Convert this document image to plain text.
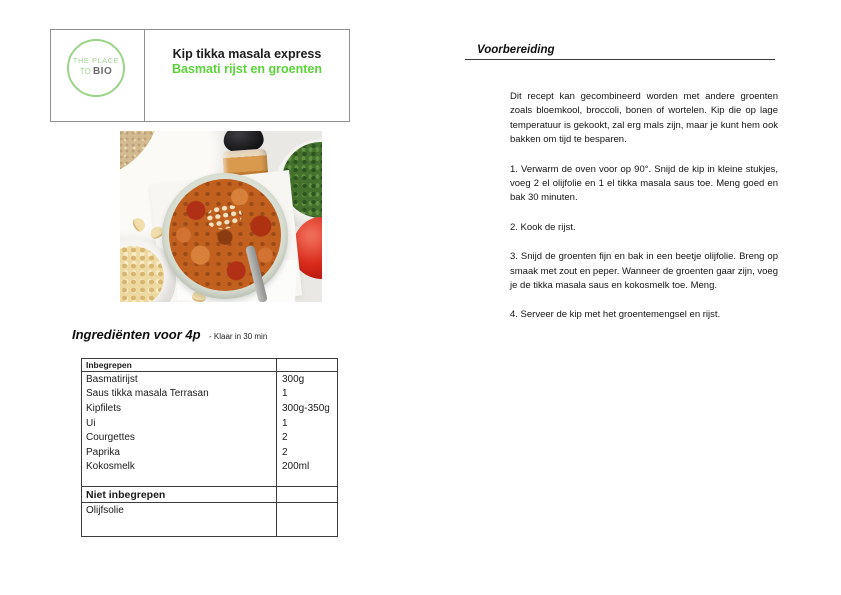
THE PLACE
TO BIO
Kip tikka masala express
Basmati rijst en groenten
Ingrediënten voor 4p - Klaar in 30 min
Inbegrepen
Basmatirijst	300g
Saus tikka masala Terrasan	1
Kipfilets	300g-350g
Ui	1
Courgettes	2
Paprika	2
Kokosmelk	200ml
Niet inbegrepen
Olijfsolie
Voorbereiding

Dit recept kan gecombineerd worden met andere groenten zoals bloemkool, broccoli, bonen of wortelen. Kip die op lage temperatuur is gekookt, zal erg mals zijn, maar je kunt hem ook bakken om tijd te besparen.

1. Verwarm de oven voor op 90°. Snijd de kip in kleine stukjes, voeg 2 el olijfolie en 1 el tikka masala saus toe. Meng goed en bak 30 minuten.

2. Kook de rijst.

3. Snijd de groenten fijn en bak in een beetje olijfolie. Breng op smaak met zout en peper. Wanneer de groenten gaar zijn, voeg je de tikka masala saus en kokosmelk toe. Meng.

4. Serveer de kip met het groentemengsel en rijst.
